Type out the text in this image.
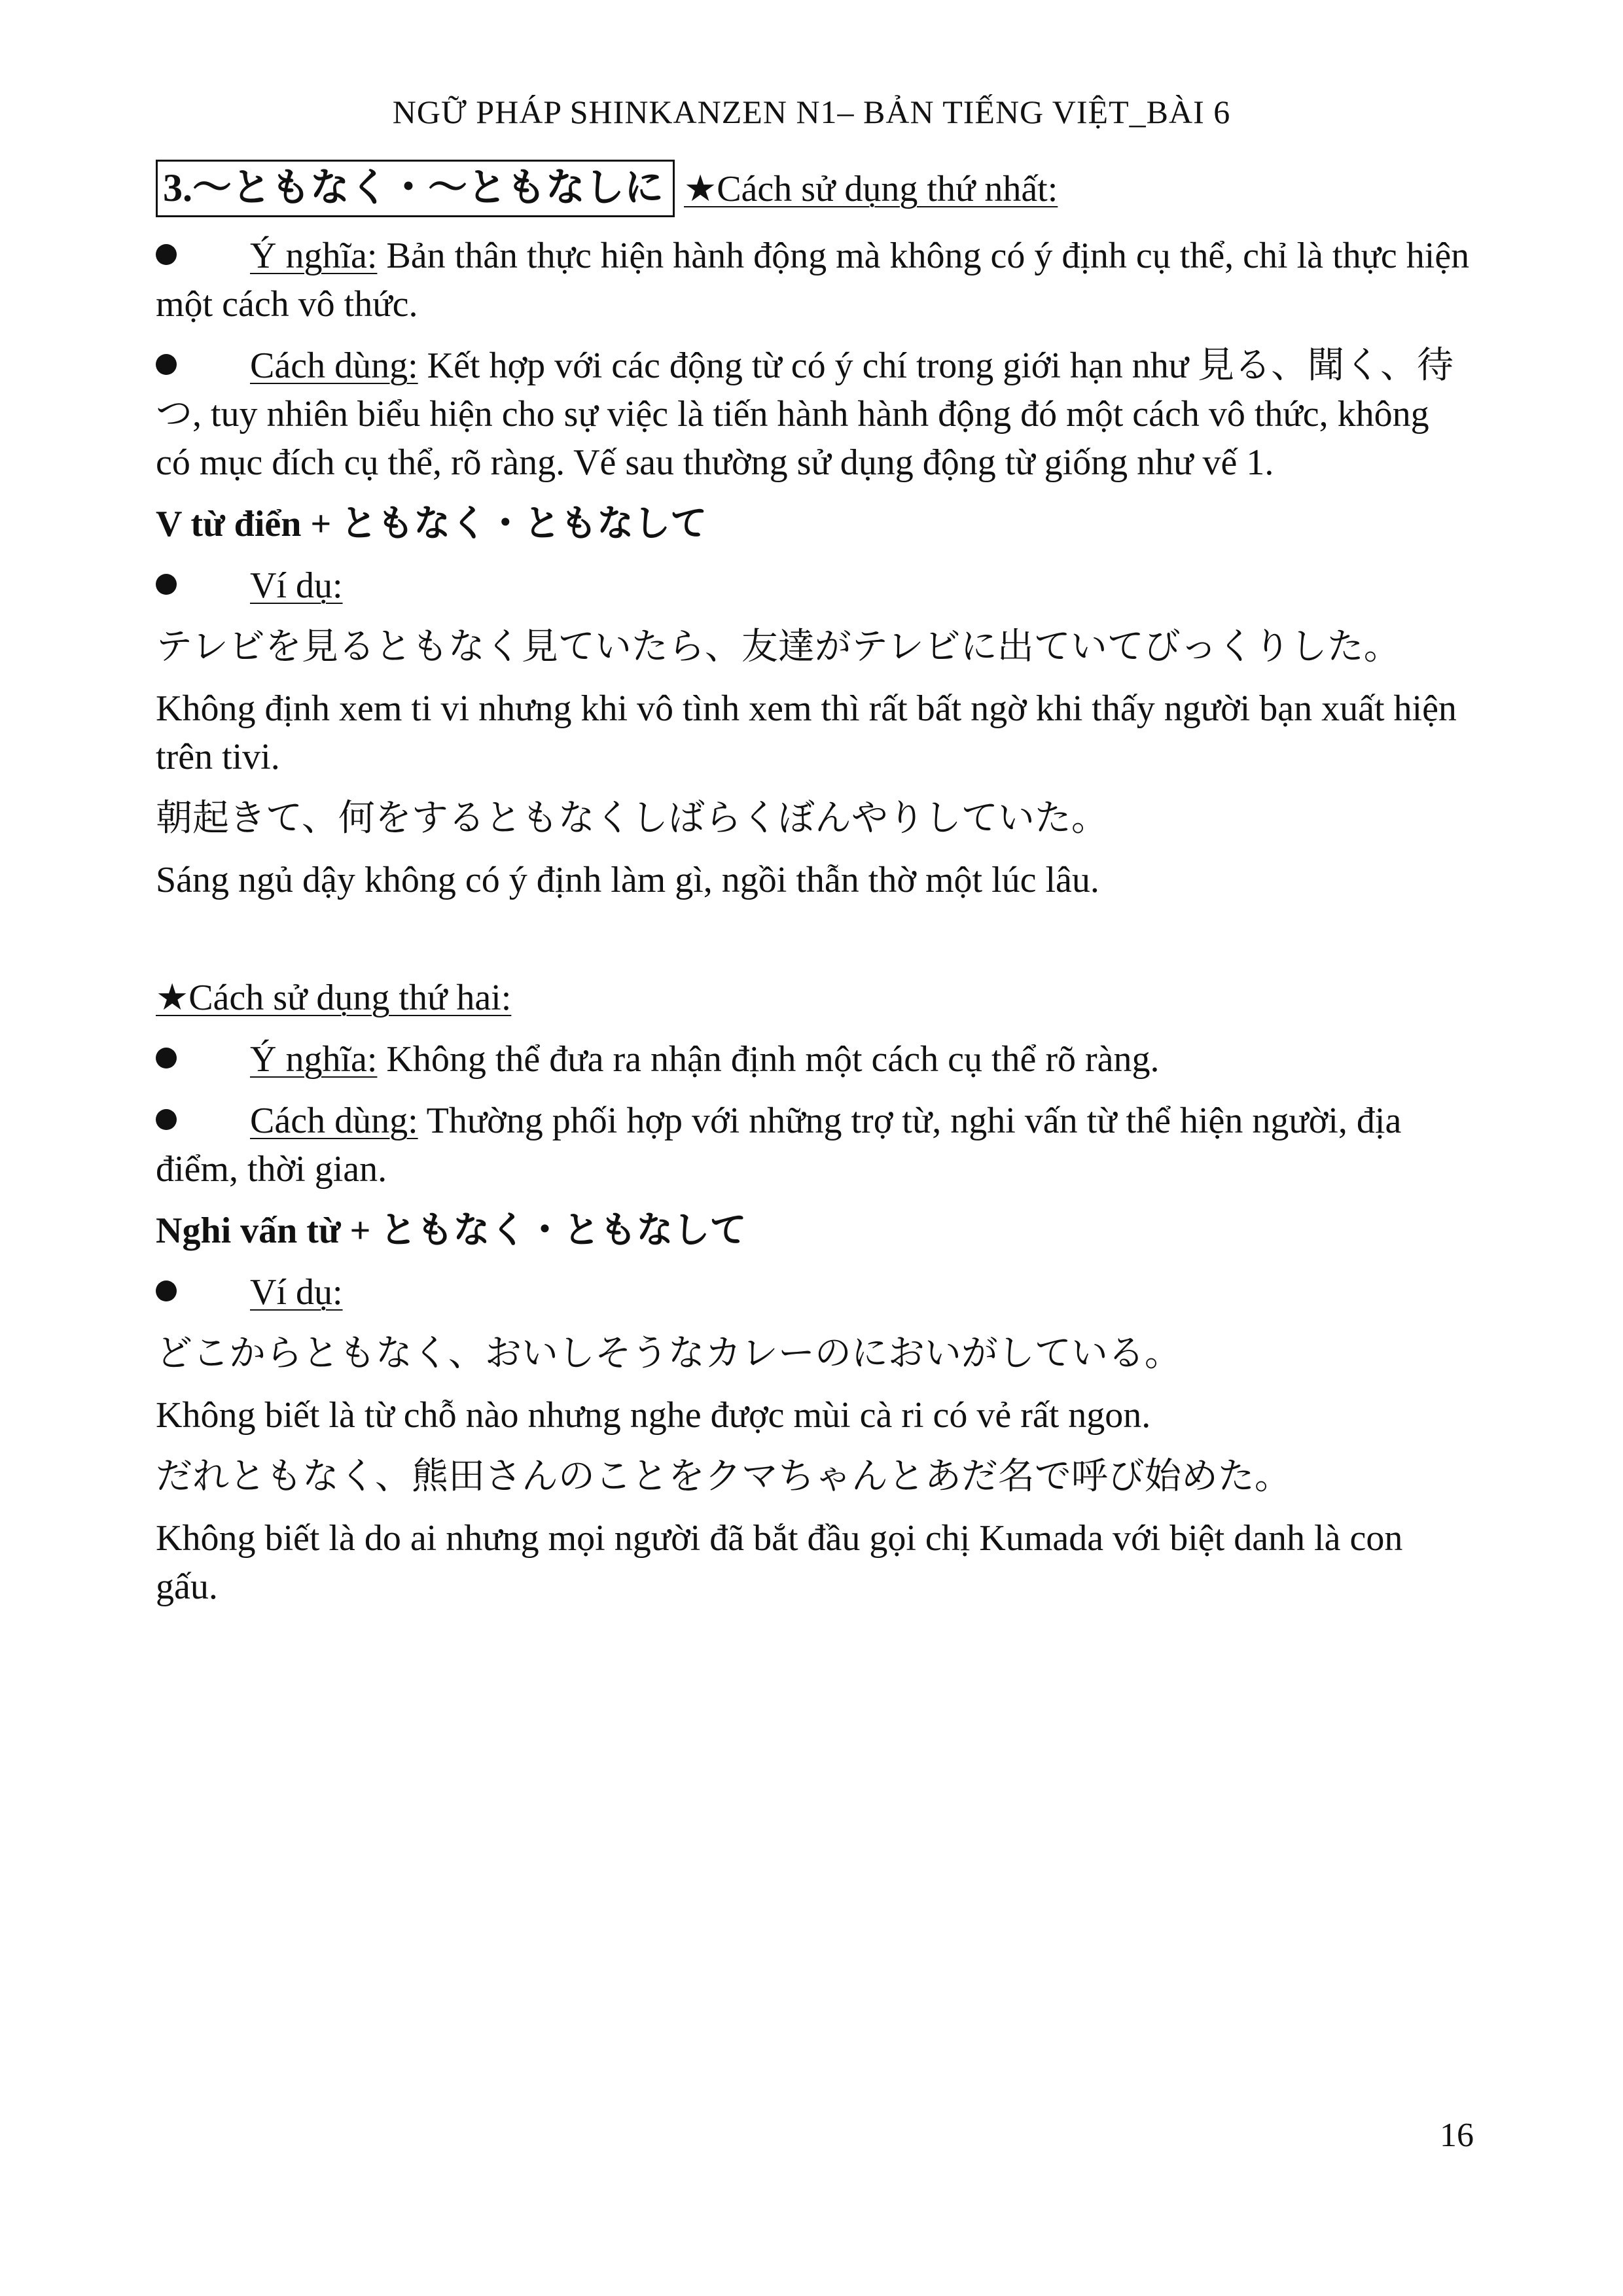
NGỮ PHÁP SHINKANZEN N1– BẢN TIẾNG VIỆT_BÀI 6
3.～ともなく・～ともなしに ★Cách sử dụng thứ nhất:
Ý nghĩa: Bản thân thực hiện hành động mà không có ý định cụ thể, chỉ là thực hiện một cách vô thức.
Cách dùng: Kết hợp với các động từ có ý chí trong giới hạn như 見る、聞く、待つ, tuy nhiên biểu hiện cho sự việc là tiến hành hành động đó một cách vô thức, không có mục đích cụ thể, rõ ràng. Vế sau thường sử dụng động từ giống như vế 1.
V từ điển + ともなく・ともなして
Ví dụ:
テレビを見るともなく見ていたら、友達がテレビに出ていてびっくりした。
Không định xem ti vi nhưng khi vô tình xem thì rất bất ngờ khi thấy người bạn xuất hiện trên tivi.
朝起きて、何をするともなくしばらくぼんやりしていた。
Sáng ngủ dậy không có ý định làm gì, ngồi thẫn thờ một lúc lâu.
★Cách sử dụng thứ hai:
Ý nghĩa: Không thể đưa ra nhận định một cách cụ thể rõ ràng.
Cách dùng: Thường phối hợp với những trợ từ, nghi vấn từ thể hiện người, địa điểm, thời gian.
Nghi vấn từ + ともなく・ともなして
Ví dụ:
どこからともなく、おいしそうなカレーのにおいがしている。
Không biết là từ chỗ nào nhưng nghe được mùi cà ri có vẻ rất ngon.
だれともなく、熊田さんのことをクマちゃんとあだ名で呼び始めた。
Không biết là do ai nhưng mọi người đã bắt đầu gọi chị Kumada với biệt danh là con gấu.
16
